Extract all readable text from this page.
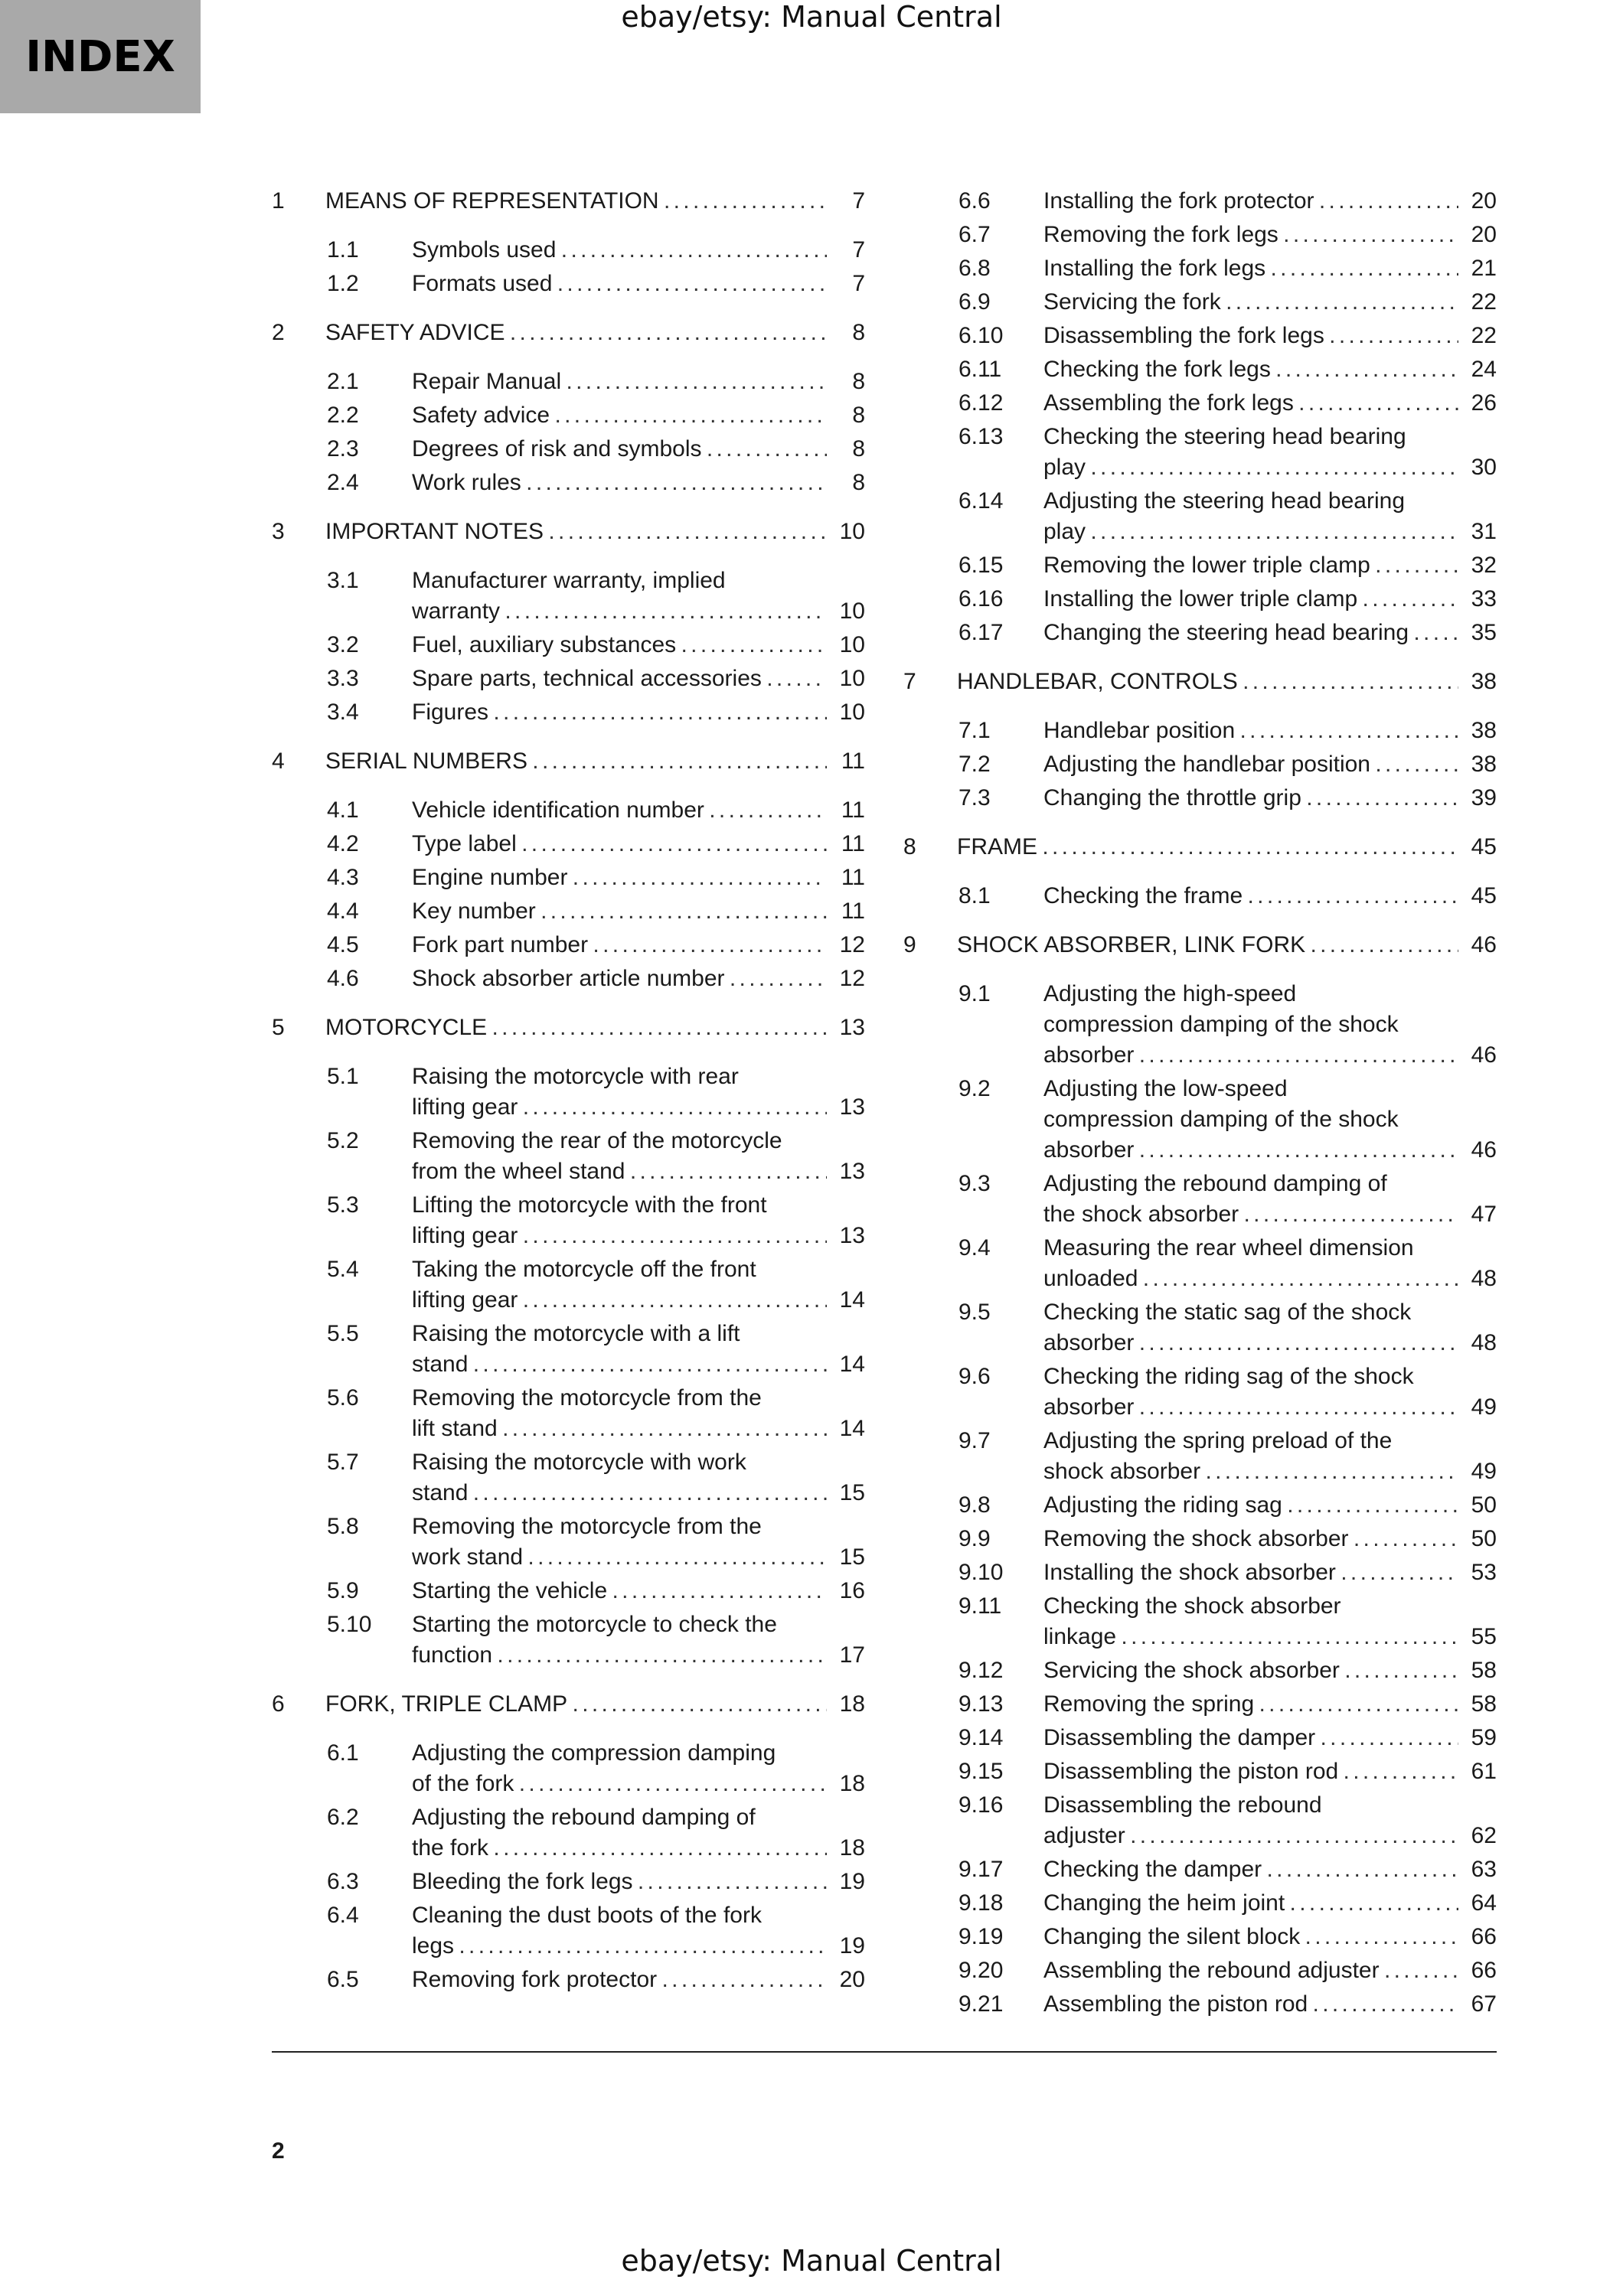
ebay/etsy: Manual Central
INDEX
1 MEANS OF REPRESENTATION . . .	7
1.1 Symbols used . . .	7
1.2 Formats used . . .	7
2 SAFETY ADVICE . . .	8
2.1 Repair Manual . . .	8
2.2 Safety advice . . .	8
2.3 Degrees of risk and symbols . . .	8
2.4 Work rules . . .	8
3 IMPORTANT NOTES . . .	10
3.1 Manufacturer warranty, implied
warranty . . .	10
3.2 Fuel, auxiliary substances . . .	10
3.3 Spare parts, technical accessories . . .	10
3.4 Figures . . .	10
4 SERIAL NUMBERS . . .	11
4.1 Vehicle identification number . . .	11
4.2 Type label . . .	11
4.3 Engine number . . .	11
4.4 Key number . . .	11
4.5 Fork part number . . .	12
4.6 Shock absorber article number . . .	12
5 MOTORCYCLE . . .	13
5.1 Raising the motorcycle with rear
lifting gear . . .	13
5.2 Removing the rear of the motorcycle
from the wheel stand . . .	13
5.3 Lifting the motorcycle with the front
lifting gear . . .	13
5.4 Taking the motorcycle off the front
lifting gear . . .	14
5.5 Raising the motorcycle with a lift
stand . . .	14
5.6 Removing the motorcycle from the
lift stand . . .	14
5.7 Raising the motorcycle with work
stand . . .	15
5.8 Removing the motorcycle from the
work stand . . .	15
5.9 Starting the vehicle . . .	16
5.10 Starting the motorcycle to check the
function . . .	17
6 FORK, TRIPLE CLAMP . . .	18
6.1 Adjusting the compression damping
of the fork . . .	18
6.2 Adjusting the rebound damping of
the fork . . .	18
6.3 Bleeding the fork legs . . .	19
6.4 Cleaning the dust boots of the fork
legs . . .	19
6.5 Removing fork protector . . .	20
6.6 Installing the fork protector . . .	20
6.7 Removing the fork legs . . .	20
6.8 Installing the fork legs . . .	21
6.9 Servicing the fork . . .	22
6.10 Disassembling the fork legs . . .	22
6.11 Checking the fork legs . . .	24
6.12 Assembling the fork legs . . .	26
6.13 Checking the steering head bearing
play . . .	30
6.14 Adjusting the steering head bearing
play . . .	31
6.15 Removing the lower triple clamp . . .	32
6.16 Installing the lower triple clamp . . .	33
6.17 Changing the steering head bearing . . .	35
7 HANDLEBAR, CONTROLS . . .	38
7.1 Handlebar position . . .	38
7.2 Adjusting the handlebar position . . .	38
7.3 Changing the throttle grip . . .	39
8 FRAME . . .	45
8.1 Checking the frame . . .	45
9 SHOCK ABSORBER, LINK FORK . . .	46
9.1 Adjusting the high-speed
compression damping of the shock
absorber . . .	46
9.2 Adjusting the low-speed
compression damping of the shock
absorber . . .	46
9.3 Adjusting the rebound damping of
the shock absorber . . .	47
9.4 Measuring the rear wheel dimension
unloaded . . .	48
9.5 Checking the static sag of the shock
absorber . . .	48
9.6 Checking the riding sag of the shock
absorber . . .	49
9.7 Adjusting the spring preload of the
shock absorber . . .	49
9.8 Adjusting the riding sag . . .	50
9.9 Removing the shock absorber . . .	50
9.10 Installing the shock absorber . . .	53
9.11 Checking the shock absorber
linkage . . .	55
9.12 Servicing the shock absorber . . .	58
9.13 Removing the spring . . .	58
9.14 Disassembling the damper . . .	59
9.15 Disassembling the piston rod . . .	61
9.16 Disassembling the rebound
adjuster . . .	62
9.17 Checking the damper . . .	63
9.18 Changing the heim joint . . .	64
9.19 Changing the silent block . . .	66
9.20 Assembling the rebound adjuster . . .	66
9.21 Assembling the piston rod . . .	67
2
ebay/etsy: Manual Central
